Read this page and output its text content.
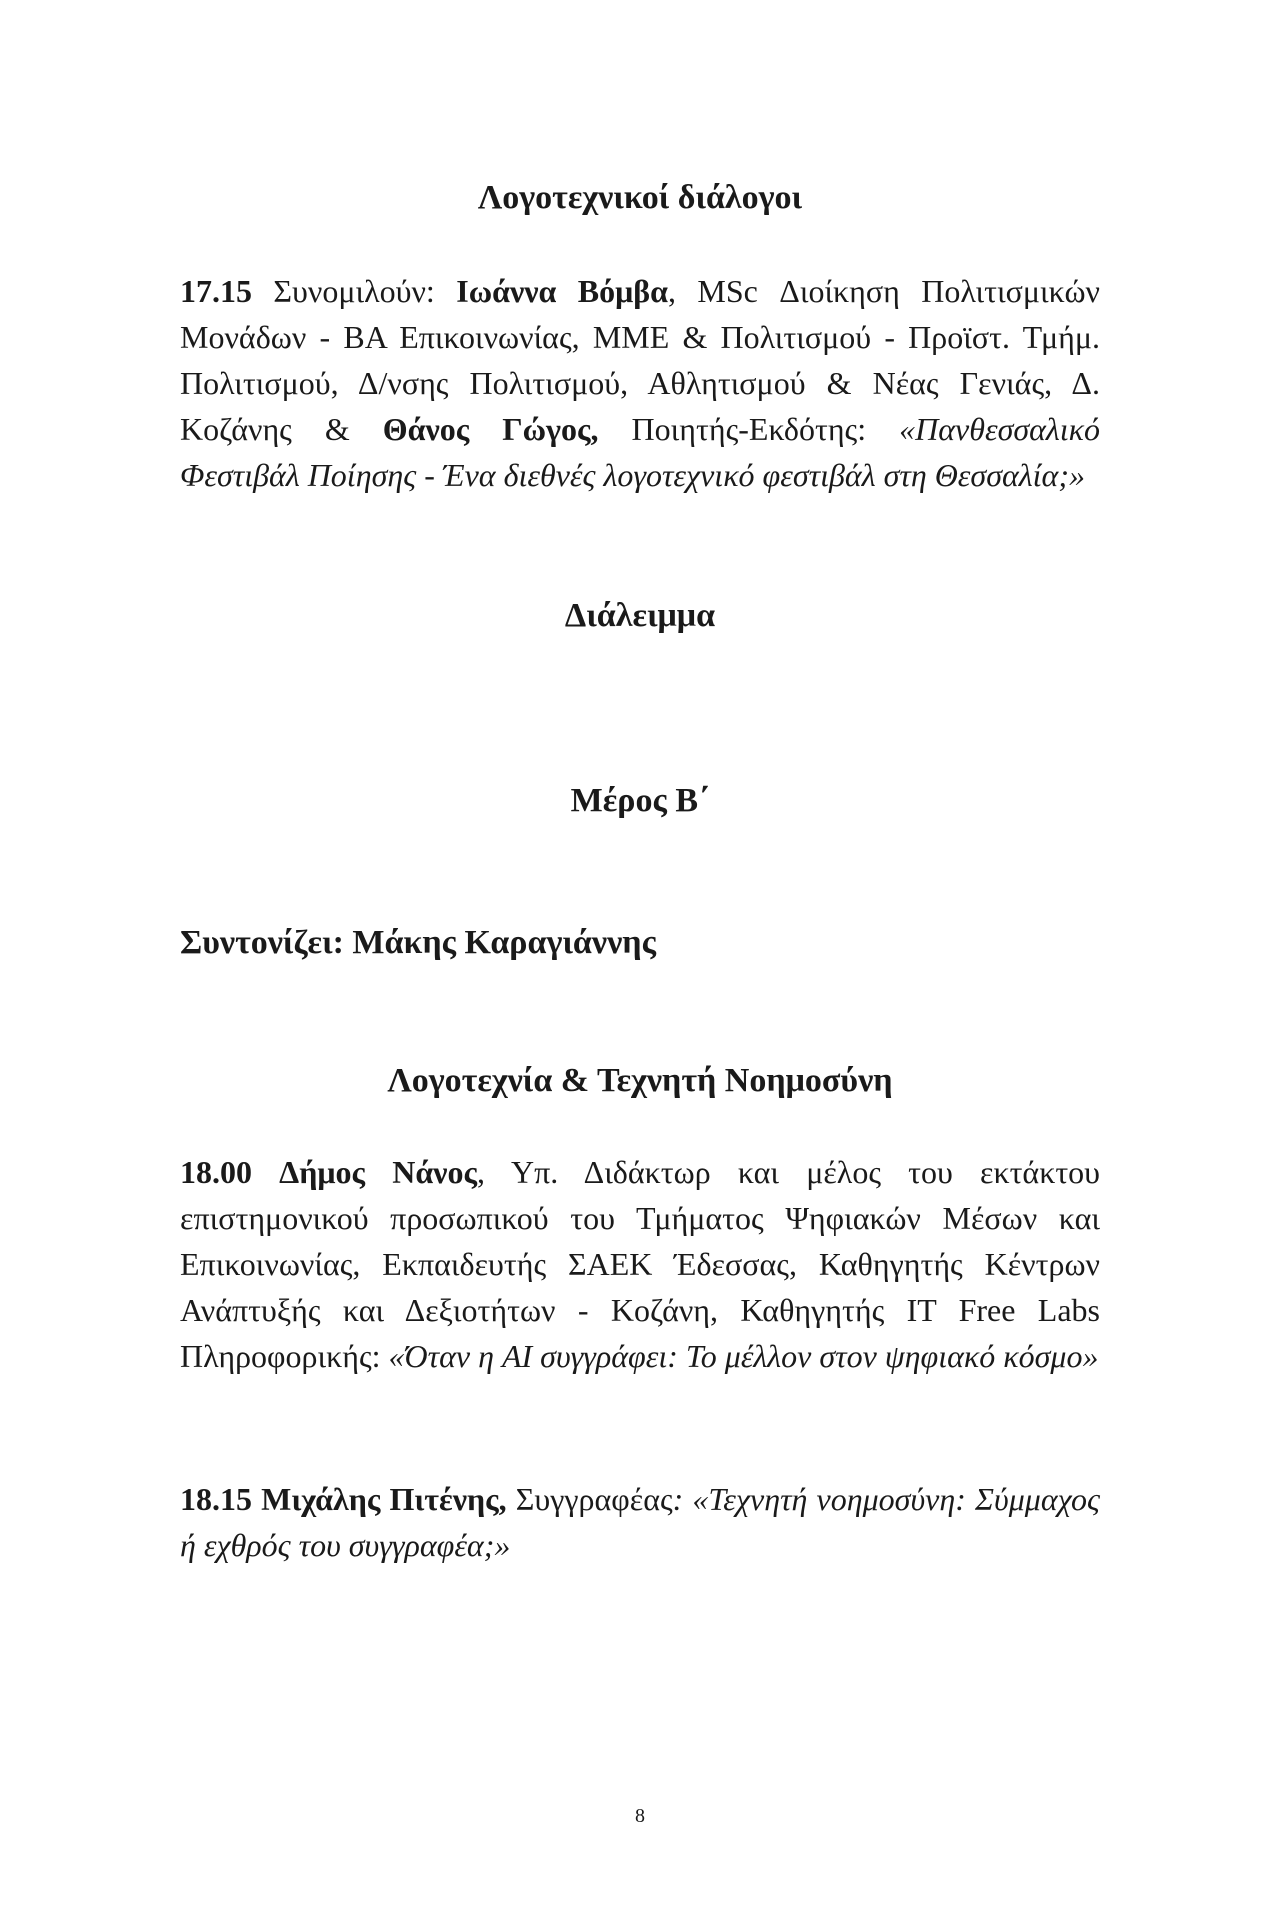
Λογοτεχνικοί διάλογοι

17.15 Συνομιλούν: Ιωάννα Βόμβα, MSc Διοίκηση Πολιτισμικών Μονάδων - BA Επικοινωνίας, ΜΜΕ & Πολιτισμού - Προϊστ. Τμήμ. Πολιτισμού, Δ/νσης Πολιτισμού, Αθλητισμού & Νέας Γενιάς, Δ. Κοζάνης & Θάνος Γώγος, Ποιητής-Εκδότης: «Πανθεσσαλικό Φεστιβάλ Ποίησης - Ένα διεθνές λογοτεχνικό φεστιβάλ στη Θεσσαλία;»

Διάλειμμα
Μέρος Β΄
Συντονίζει: Μάκης Καραγιάννης
Λογοτεχνία & Τεχνητή Νοημοσύνη

18.00 Δήμος Νάνος, Υπ. Διδάκτωρ και μέλος του εκτάκτου επιστημονικού προσωπικού του Τμήματος Ψηφιακών Μέσων και Επικοινωνίας, Εκπαιδευτής ΣΑΕΚ Έδεσσας, Καθηγητής Κέντρων Ανάπτυξής και Δεξιοτήτων - Κοζάνη, Καθηγητής IT Free Labs Πληροφορικής: «Όταν η AI συγγράφει: Το μέλλον στον ψηφιακό κόσμο»

18.15 Μιχάλης Πιτένης, Συγγραφέας: «Τεχνητή νοημοσύνη: Σύμμαχος ή εχθρός του συγγραφέα;»

8
